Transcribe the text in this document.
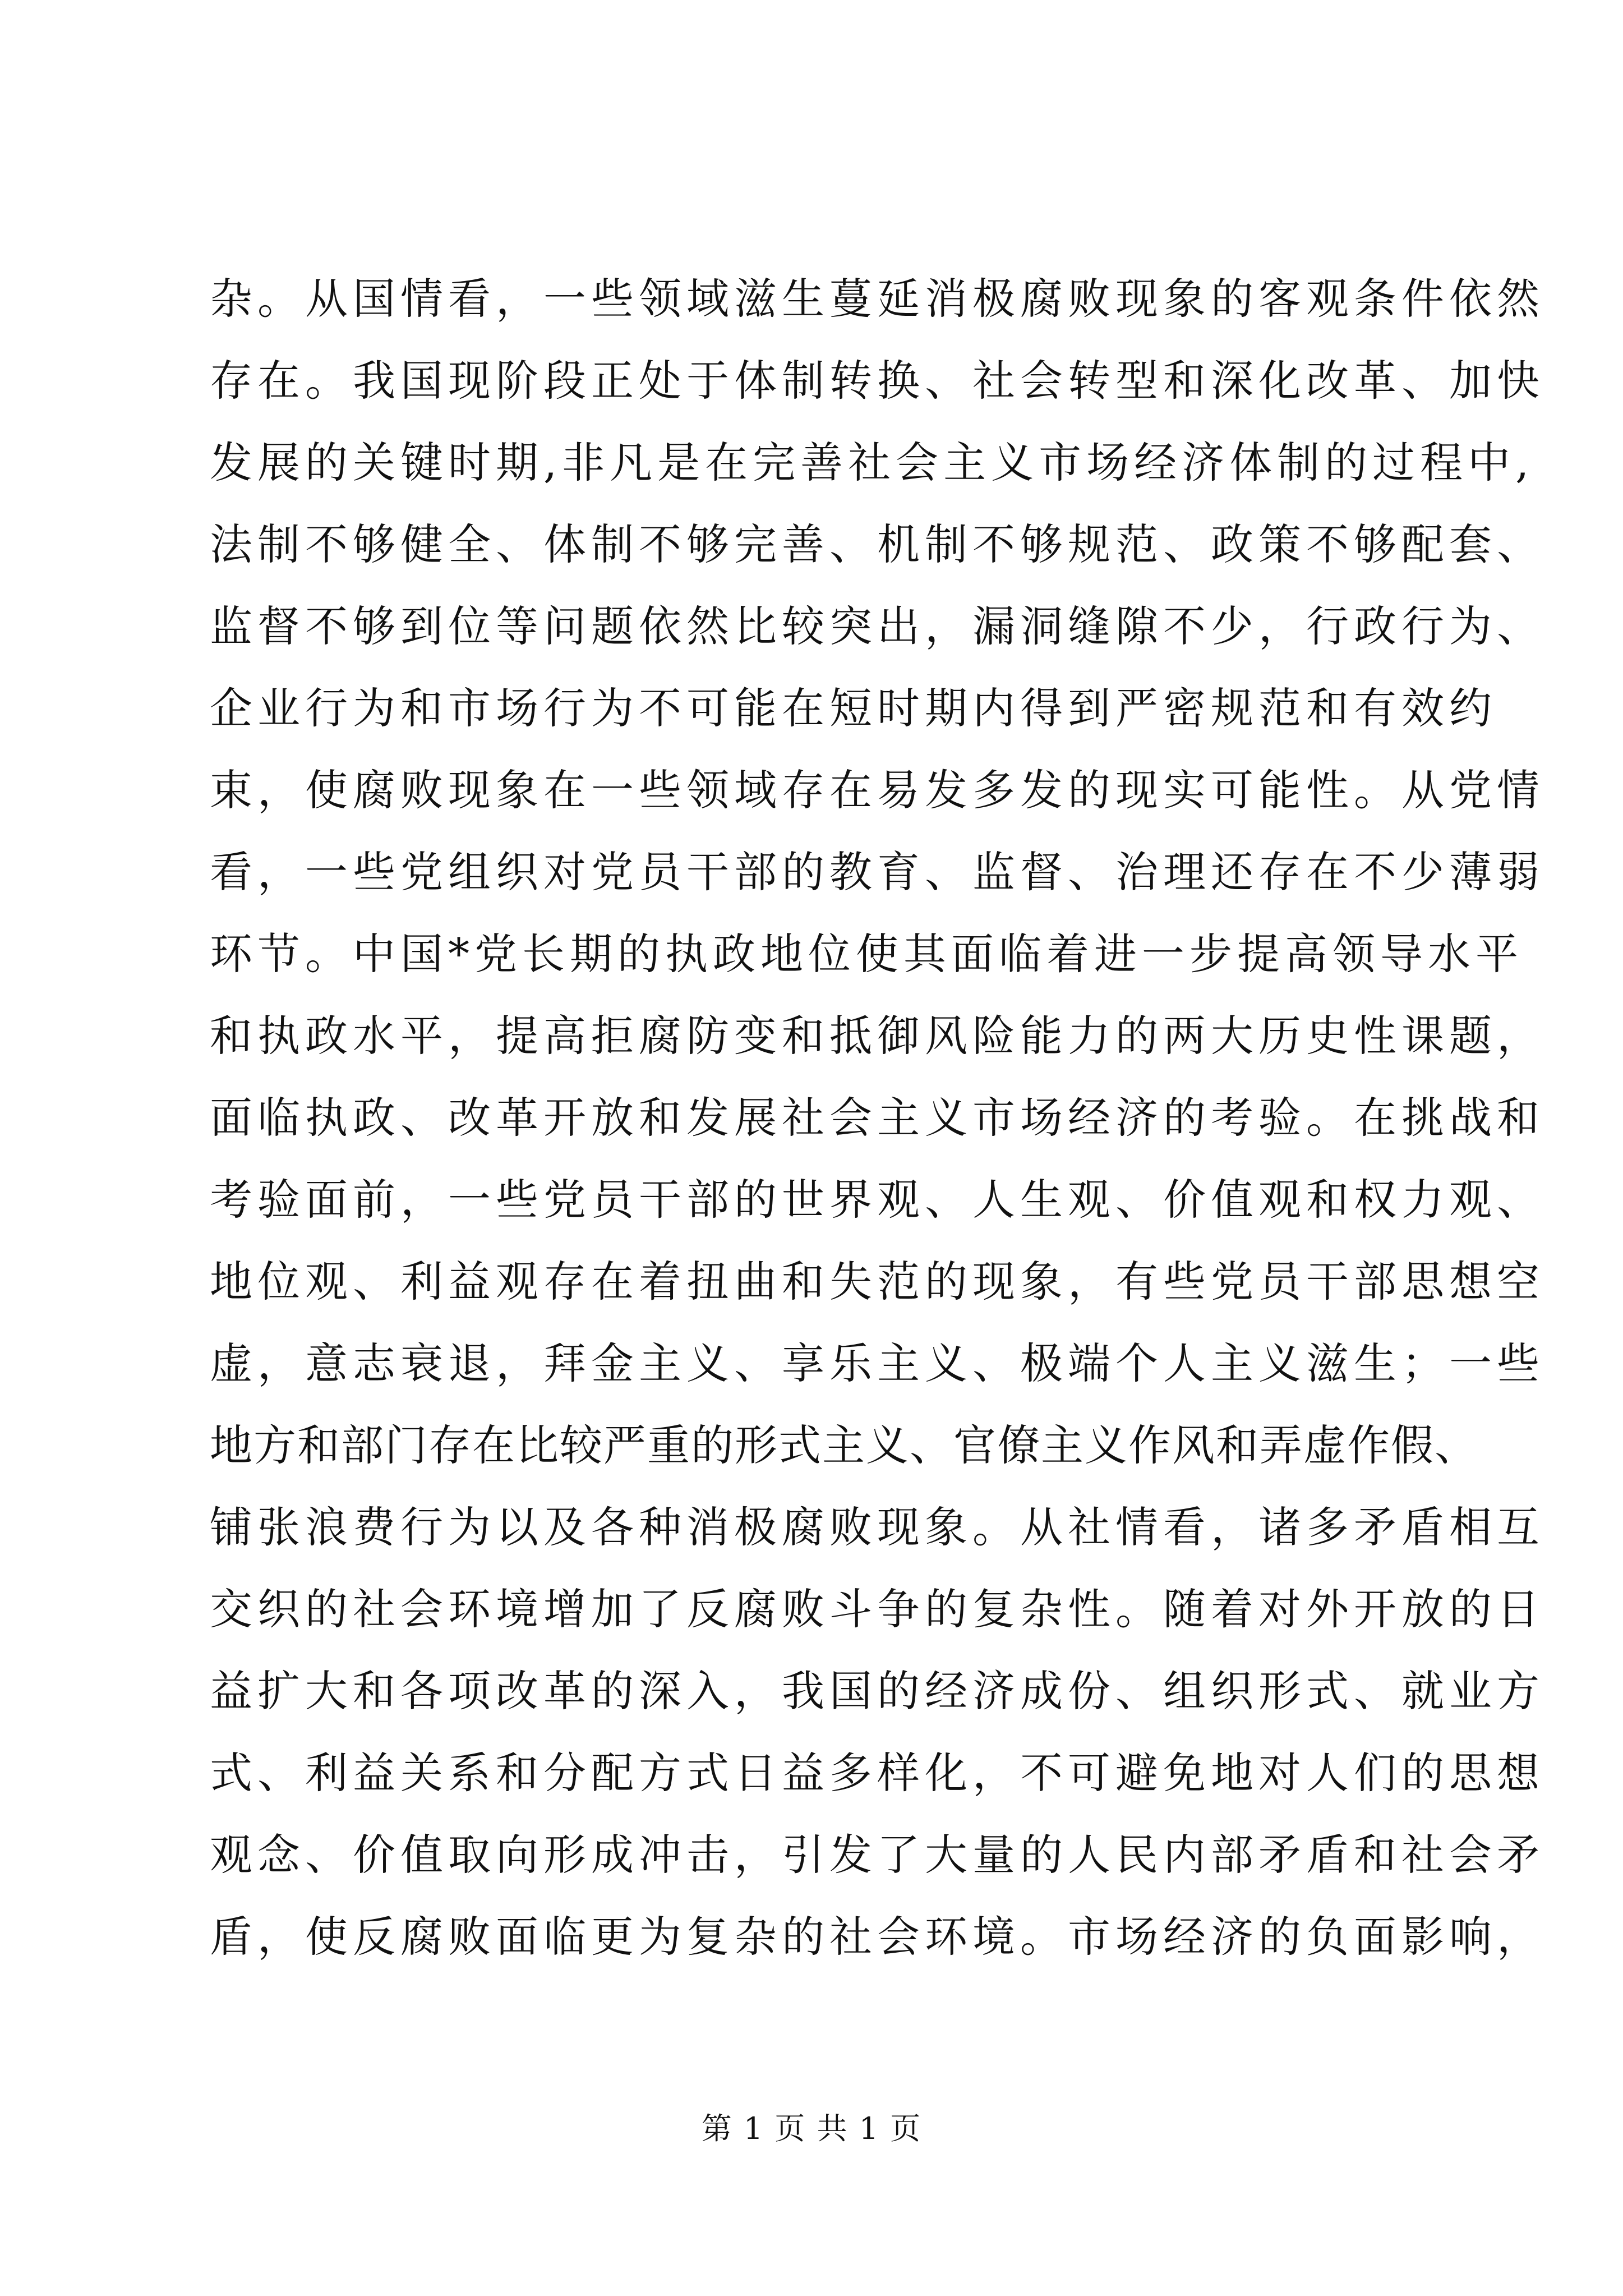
杂。从国情看，一些领域滋生蔓延消极腐败现象的客观条件依然
存在。我国现阶段正处于体制转换、社会转型和深化改革、加快
发展的关键时期,非凡是在完善社会主义市场经济体制的过程中,
法制不够健全、体制不够完善、机制不够规范、政策不够配套、
监督不够到位等问题依然比较突出，漏洞缝隙不少，行政行为、
企业行为和市场行为不可能在短时期内得到严密规范和有效约
束，使腐败现象在一些领域存在易发多发的现实可能性。从党情
看，一些党组织对党员干部的教育、监督、治理还存在不少薄弱
环节。中国*党长期的执政地位使其面临着进一步提高领导水平
和执政水平，提高拒腐防变和抵御风险能力的两大历史性课题，
面临执政、改革开放和发展社会主义市场经济的考验。在挑战和
考验面前，一些党员干部的世界观、人生观、价值观和权力观、
地位观、利益观存在着扭曲和失范的现象，有些党员干部思想空
虚，意志衰退，拜金主义、享乐主义、极端个人主义滋生；一些
地方和部门存在比较严重的形式主义、官僚主义作风和弄虚作假、
铺张浪费行为以及各种消极腐败现象。从社情看，诸多矛盾相互
交织的社会环境增加了反腐败斗争的复杂性。随着对外开放的日
益扩大和各项改革的深入，我国的经济成份、组织形式、就业方
式、利益关系和分配方式日益多样化，不可避免地对人们的思想
观念、价值取向形成冲击，引发了大量的人民内部矛盾和社会矛
盾，使反腐败面临更为复杂的社会环境。市场经济的负面影响，
第 1 页 共 1 页
